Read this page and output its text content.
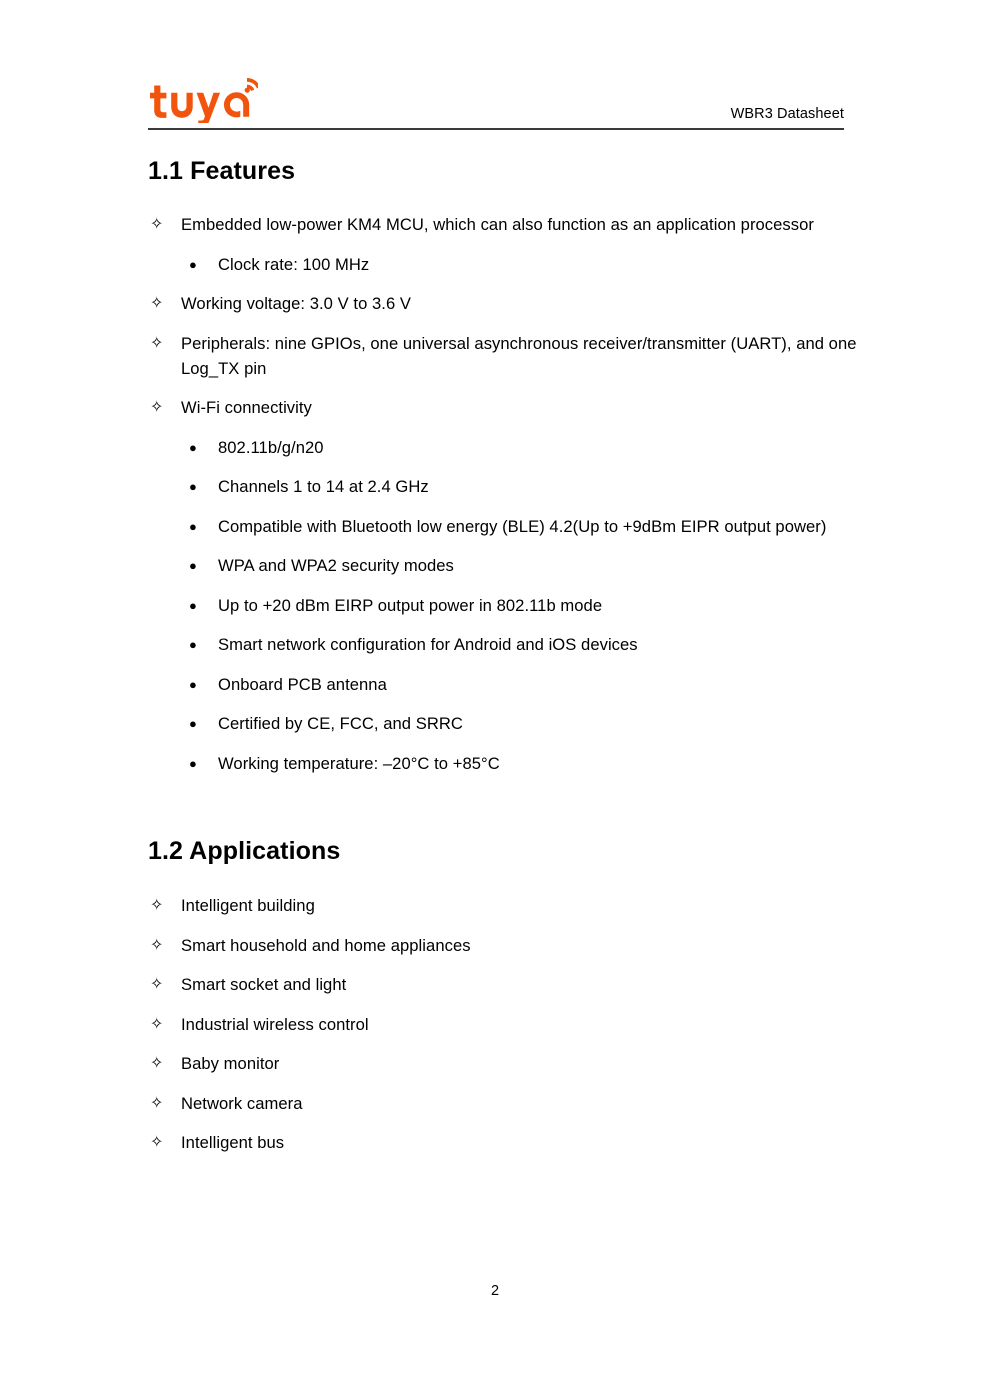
WBR3 Datasheet
1.1 Features
✧ Embedded low-power KM4 MCU, which can also function as an application processor
● Clock rate: 100 MHz
✧ Working voltage: 3.0 V to 3.6 V
✧ Peripherals: nine GPIOs, one universal asynchronous receiver/transmitter (UART), and one Log_TX pin
✧ Wi-Fi connectivity
● 802.11b/g/n20
● Channels 1 to 14 at 2.4 GHz
● Compatible with Bluetooth low energy (BLE) 4.2(Up to +9dBm EIPR output power)
● WPA and WPA2 security modes
● Up to +20 dBm EIRP output power in 802.11b mode
● Smart network configuration for Android and iOS devices
● Onboard PCB antenna
● Certified by CE, FCC, and SRRC
● Working temperature: –20°C to +85°C
1.2 Applications
✧ Intelligent building
✧ Smart household and home appliances
✧ Smart socket and light
✧ Industrial wireless control
✧ Baby monitor
✧ Network camera
✧ Intelligent bus
2
